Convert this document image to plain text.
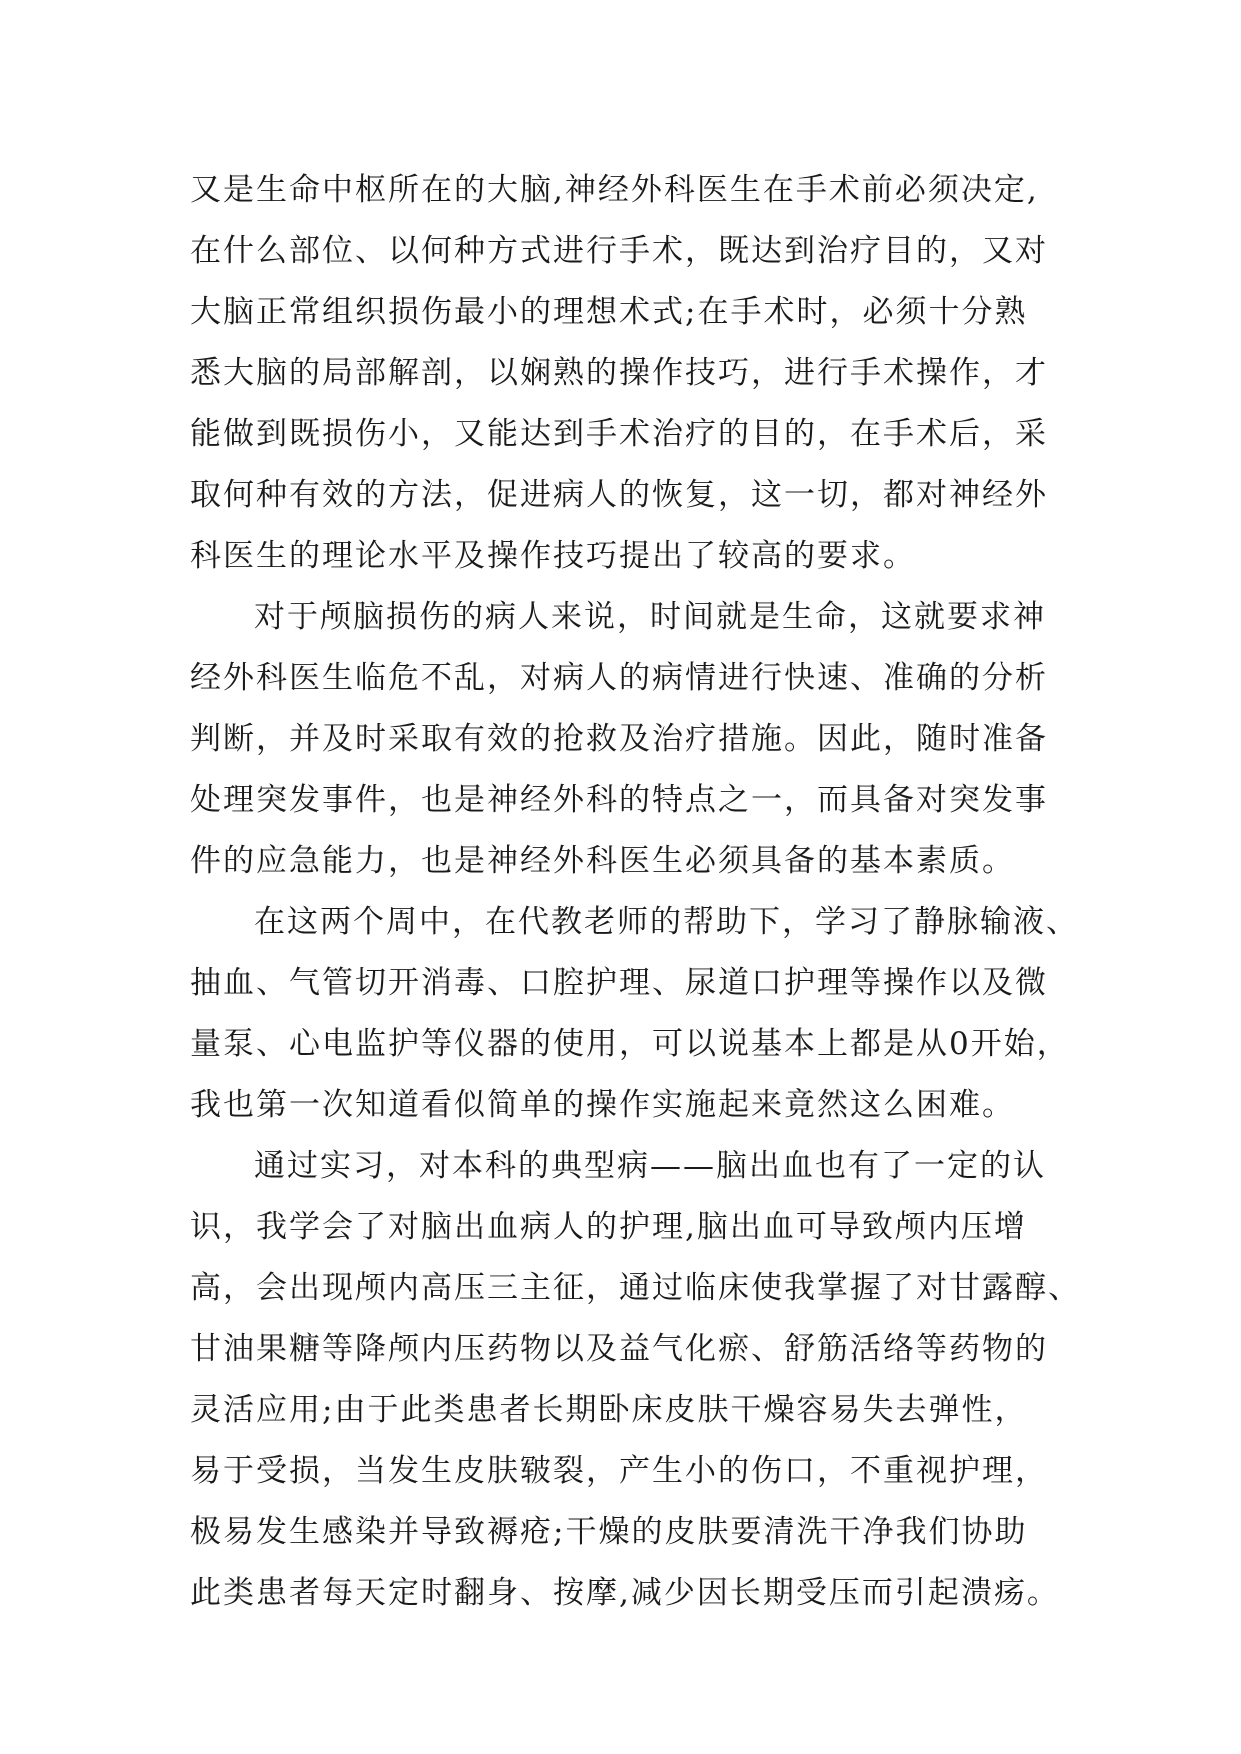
又是生命中枢所在的大脑,神经外科医生在手术前必须决定,
在什么部位、以何种方式进行手术，既达到治疗目的，又对
大脑正常组织损伤最小的理想术式;在手术时，必须十分熟
悉大脑的局部解剖，以娴熟的操作技巧，进行手术操作，才
能做到既损伤小，又能达到手术治疗的目的，在手术后，采
取何种有效的方法，促进病人的恢复，这一切，都对神经外
科医生的理论水平及操作技巧提出了较高的要求。
对于颅脑损伤的病人来说，时间就是生命，这就要求神
经外科医生临危不乱，对病人的病情进行快速、准确的分析
判断，并及时采取有效的抢救及治疗措施。因此，随时准备
处理突发事件，也是神经外科的特点之一，而具备对突发事
件的应急能力，也是神经外科医生必须具备的基本素质。
在这两个周中，在代教老师的帮助下，学习了静脉输液、
抽血、气管切开消毒、口腔护理、尿道口护理等操作以及微
量泵、心电监护等仪器的使用，可以说基本上都是从0开始，
我也第一次知道看似简单的操作实施起来竟然这么困难。
通过实习，对本科的典型病——脑出血也有了一定的认
识，我学会了对脑出血病人的护理,脑出血可导致颅内压增
高，会出现颅内高压三主征，通过临床使我掌握了对甘露醇、
甘油果糖等降颅内压药物以及益气化瘀、舒筋活络等药物的
灵活应用;由于此类患者长期卧床皮肤干燥容易失去弹性，
易于受损，当发生皮肤皲裂，产生小的伤口，不重视护理，
极易发生感染并导致褥疮;干燥的皮肤要清洗干净我们协助
此类患者每天定时翻身、按摩,减少因长期受压而引起溃疡。
